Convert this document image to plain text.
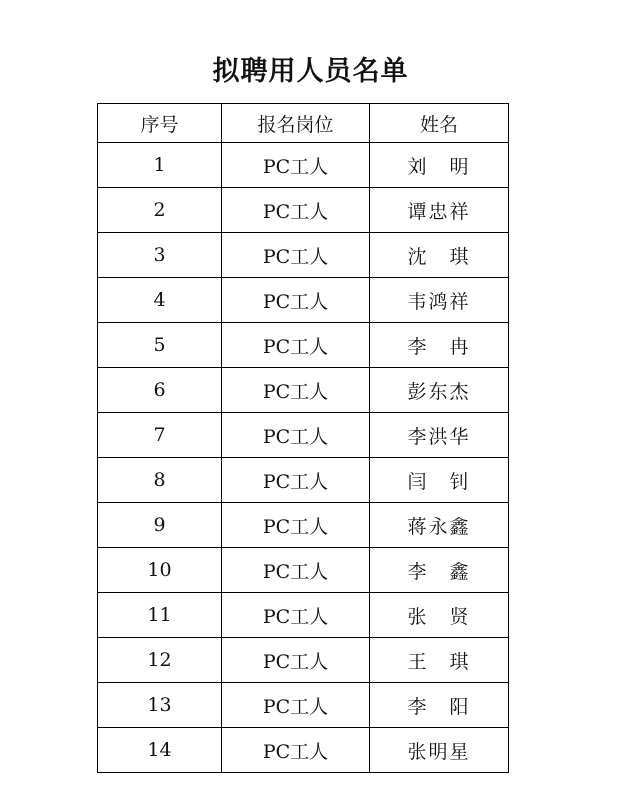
拟聘用人员名单
序号	报名岗位	姓名
1	PC工人	刘　明
2	PC工人	谭忠祥
3	PC工人	沈　琪
4	PC工人	韦鸿祥
5	PC工人	李　冉
6	PC工人	彭东杰
7	PC工人	李洪华
8	PC工人	闫　钊
9	PC工人	蒋永鑫
10	PC工人	李　鑫
11	PC工人	张　贤
12	PC工人	王　琪
13	PC工人	李　阳
14	PC工人	张明星
